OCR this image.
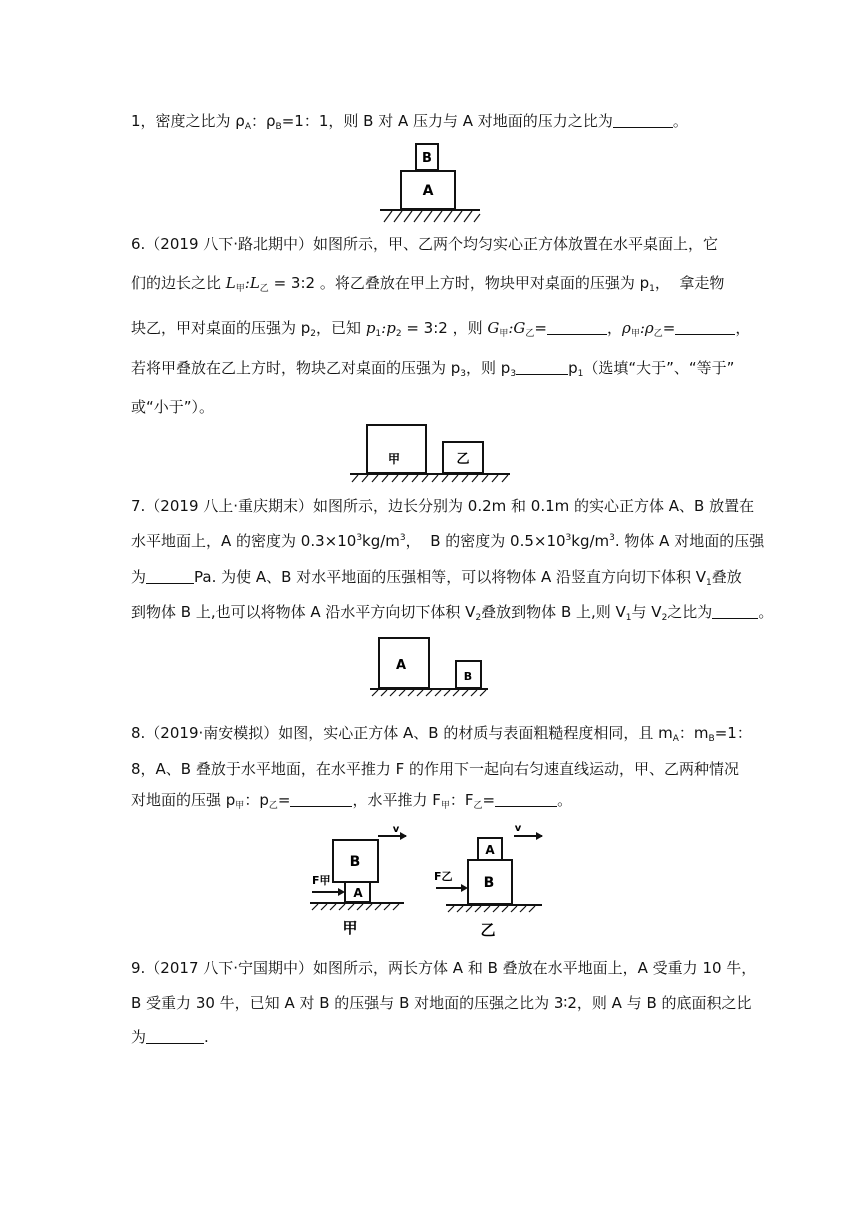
1，密度之比为 $\rho_A$：$\rho_B=1$：1，则 B 对 A 压力与 A 对地面的压力之比为	。
B
A
6.（2019 八下·路北期中）如图所示，甲、乙两个均匀实心正方体放置在水平桌面上，它
们的边长之比 $L_甲:L_乙$ = 3:2 。将乙叠放在甲上方时，物块甲对桌面的压强为 $p_1$，  拿走物
块乙，甲对桌面的压强为 $p_2$，已知 $p_1:p_2$ = 3:2 ，则 $G_甲:G_乙=$	，$\rho_甲:\rho_乙=$	，
若将甲叠放在乙上方时，物块乙对桌面的压强为 $p_3$，则 $p_3$	$p_1$（选填“大于”、“等于”
或“小于”）。
甲	乙
7.（2019 八上·重庆期末）如图所示，边长分别为 0.2m 和 0.1m 的实心正方体 A、B 放置在
水平地面上，A 的密度为 $0.3\times 10^3kg/m^3$，  B 的密度为 $0.5\times 10^3kg/m^3$. 物体 A 对地面的压强
为	Pa. 为使 A、B 对水平地面的压强相等，可以将物体 A 沿竖直方向切下体积 $V_1$叠放
到物体 B 上,也可以将物体 A 沿水平方向切下体积 $V_2$叠放到物体 B 上,则 $V_1$与 $V_2$之比为	。
A
B
8.（2019·南安模拟）如图，实心正方体 A、B 的材质与表面粗糙程度相同，且 $m_A$：$m_B=1$：
8，A、B 叠放于水平地面，在水平推力 F 的作用下一起向右匀速直线运动，甲、乙两种情况
对地面的压强 $p_甲$：$p_乙=$	，水平推力 $F_甲$：$F_乙=$	。
B
A
v
F甲
甲
A
B
v
F乙
乙
9.（2017 八下·宁国期中）如图所示，两长方体 A 和 B 叠放在水平地面上，A 受重力 10 牛，
B 受重力 30 牛，已知 A 对 B 的压强与 B 对地面的压强之比为 3∶2，则 A 与 B 的底面积之比
为	.
